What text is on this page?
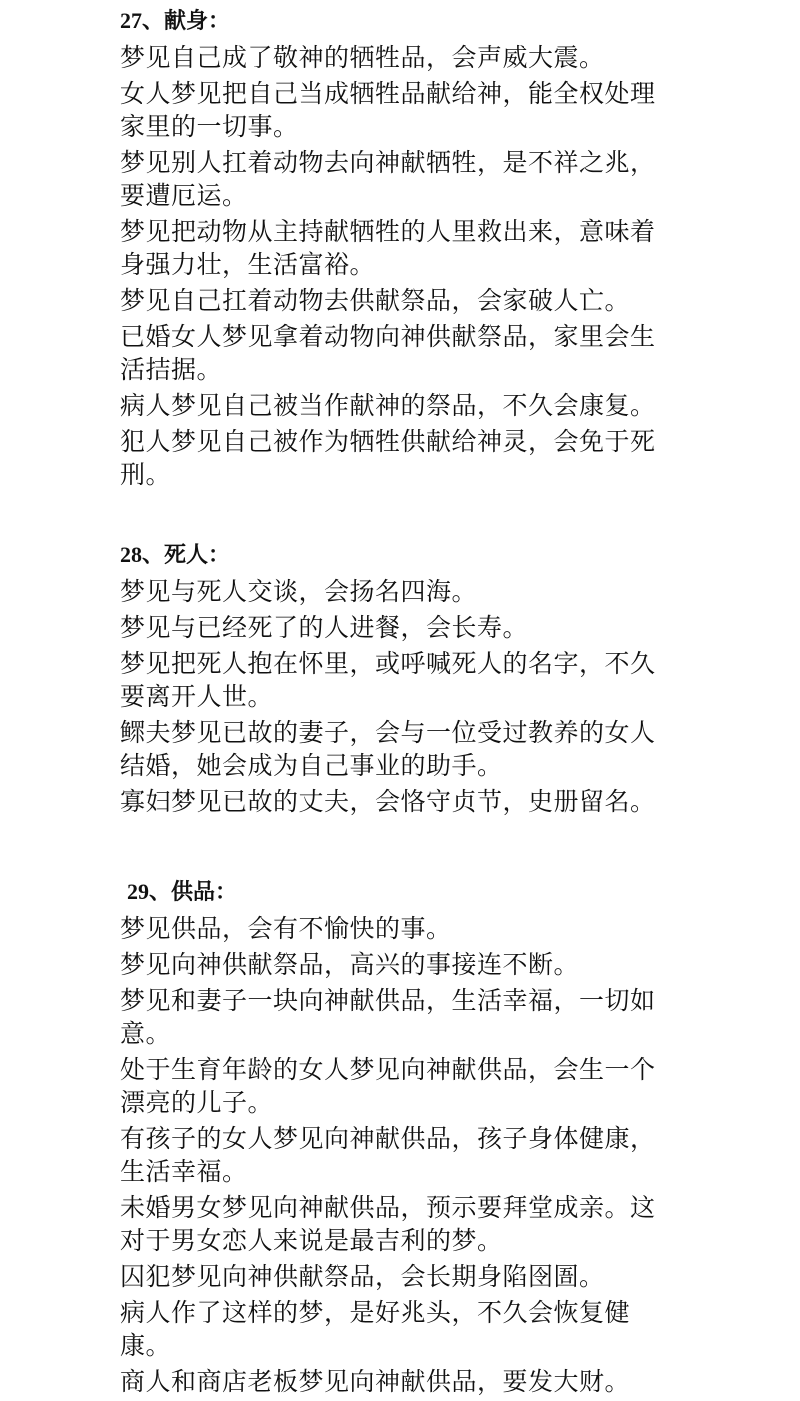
27、献身：

梦见自己成了敬神的牺牲品，会声威大震。

女人梦见把自己当成牺牲品献给神，能全权处理家里的一切事。

梦见别人扛着动物去向神献牺牲，是不祥之兆，要遭厄运。

梦见把动物从主持献牺牲的人里救出来，意味着身强力壮，生活富裕。

梦见自己扛着动物去供献祭品，会家破人亡。

已婚女人梦见拿着动物向神供献祭品，家里会生活拮据。

病人梦见自己被当作献神的祭品，不久会康复。

犯人梦见自己被作为牺牲供献给神灵，会免于死刑。

28、死人：

梦见与死人交谈，会扬名四海。

梦见与已经死了的人进餐，会长寿。

梦见把死人抱在怀里，或呼喊死人的名字，不久要离开人世。

鳏夫梦见已故的妻子，会与一位受过教养的女人结婚，她会成为自己事业的助手。

寡妇梦见已故的丈夫，会恪守贞节，史册留名。

29、供品：

梦见供品，会有不愉快的事。

梦见向神供献祭品，高兴的事接连不断。

梦见和妻子一块向神献供品，生活幸福，一切如意。

处于生育年龄的女人梦见向神献供品，会生一个漂亮的儿子。

有孩子的女人梦见向神献供品，孩子身体健康，生活幸福。

未婚男女梦见向神献供品，预示要拜堂成亲。这对于男女恋人来说是最吉利的梦。

囚犯梦见向神供献祭品，会长期身陷囹圄。

病人作了这样的梦，是好兆头，不久会恢复健康。

商人和商店老板梦见向神献供品，要发大财。
